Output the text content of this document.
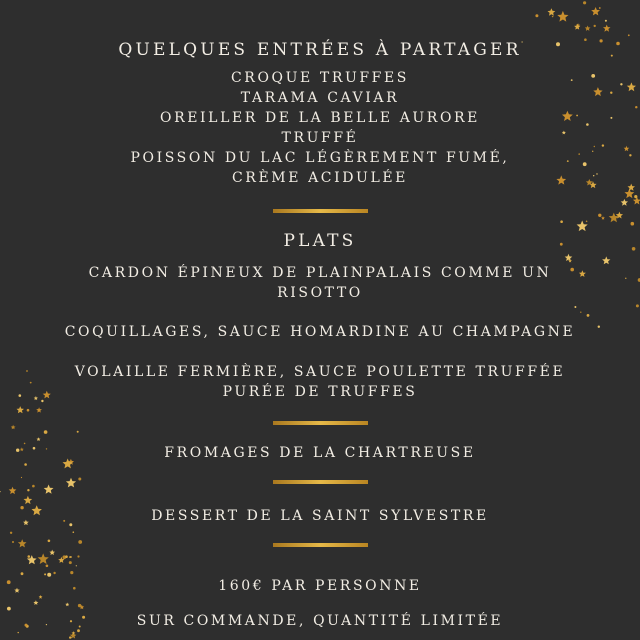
QUELQUES ENTRÉES À PARTAGER
CROQUE TRUFFES
TARAMA CAVIAR
OREILLER DE LA BELLE AURORE
TRUFFÉ
POISSON DU LAC LÉGÈREMENT FUMÉ,
CRÈME ACIDULÉE
PLATS
CARDON ÉPINEUX DE PLAINPALAIS COMME UN
RISOTTO
COQUILLAGES, SAUCE HOMARDINE AU CHAMPAGNE
VOLAILLE FERMIÈRE, SAUCE POULETTE TRUFFÉE
PURÉE DE TRUFFES
FROMAGES DE LA CHARTREUSE
DESSERT DE LA SAINT SYLVESTRE
160€ PAR PERSONNE
SUR COMMANDE, QUANTITÉ LIMITÉE
